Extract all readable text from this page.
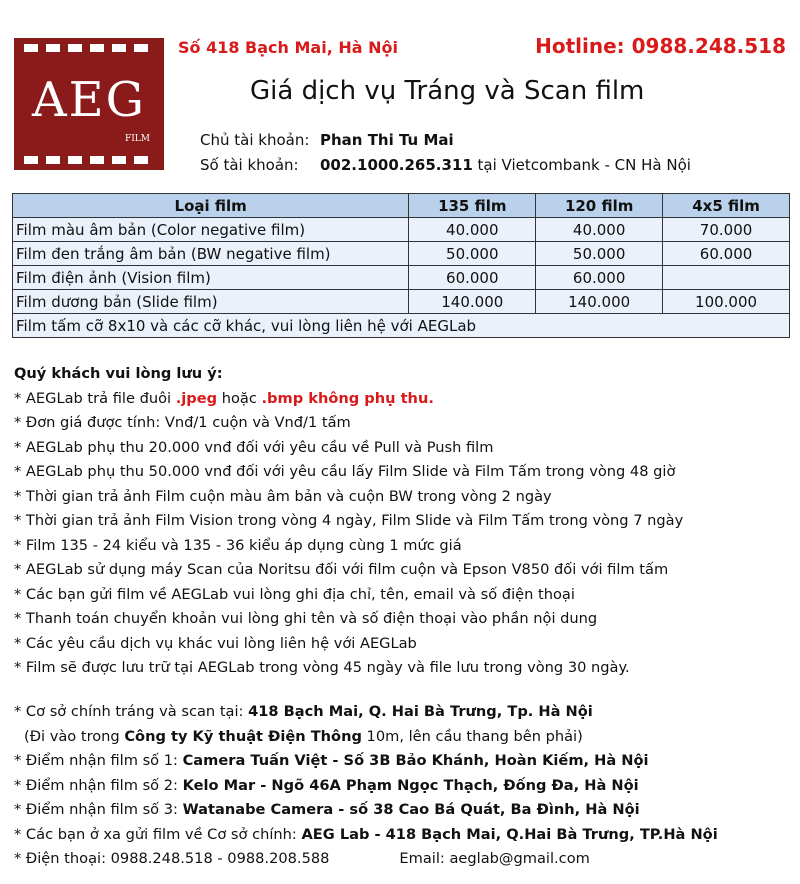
AEG
FILM
Số 418 Bạch Mai, Hà Nội	Hotline: 0988.248.518
Giá dịch vụ Tráng và Scan film
Chủ tài khoản: Phan Thi Tu Mai
Số tài khoản: 002.1000.265.311 tại Vietcombank - CN Hà Nội
Loại film	135 film	120 film	4x5 film
Film màu âm bản (Color negative film)	40.000	40.000	70.000
Film đen trắng âm bản (BW negative film)	50.000	50.000	60.000
Film điện ảnh (Vision film)	60.000	60.000	
Film dương bản (Slide film)	140.000	140.000	100.000
Film tấm cỡ 8x10 và các cỡ khác, vui lòng liên hệ với AEGLab			
Quý khách vui lòng lưu ý:
* AEGLab trả file đuôi .jpeg hoặc .bmp không phụ thu.
* Đơn giá được tính: Vnđ/1 cuộn và Vnđ/1 tấm
* AEGLab phụ thu 20.000 vnđ đối với yêu cầu về Pull và Push film
* AEGLab phụ thu 50.000 vnđ đối với yêu cầu lấy Film Slide và Film Tấm trong vòng 48 giờ
* Thời gian trả ảnh Film cuộn màu âm bản và cuộn BW trong vòng 2 ngày
* Thời gian trả ảnh Film Vision trong vòng 4 ngày, Film Slide và Film Tấm trong vòng 7 ngày
* Film 135 - 24 kiểu và 135 - 36 kiểu áp dụng cùng 1 mức giá
* AEGLab sử dụng máy Scan của Noritsu đối với film cuộn và Epson V850 đối với film tấm
* Các bạn gửi film về AEGLab vui lòng ghi địa chỉ, tên, email và số điện thoại
* Thanh toán chuyển khoản vui lòng ghi tên và số điện thoại vào phần nội dung
* Các yêu cầu dịch vụ khác vui lòng liên hệ với AEGLab
* Film sẽ được lưu trữ tại AEGLab trong vòng 45 ngày và file lưu trong vòng 30 ngày.
* Cơ sở chính tráng và scan tại: 418 Bạch Mai, Q. Hai Bà Trưng, Tp. Hà Nội
(Đi vào trong Công ty Kỹ thuật Điện Thông 10m, lên cầu thang bên phải)
* Điểm nhận film số 1: Camera Tuấn Việt - Số 3B Bảo Khánh, Hoàn Kiếm, Hà Nội
* Điểm nhận film số 2: Kelo Mar - Ngõ 46A Phạm Ngọc Thạch, Đống Đa, Hà Nội
* Điểm nhận film số 3: Watanabe Camera - số 38 Cao Bá Quát, Ba Đình, Hà Nội
* Các bạn ở xa gửi film về Cơ sở chính: AEG Lab - 418 Bạch Mai, Q.Hai Bà Trưng, TP.Hà Nội
* Điện thoại: 0988.248.518 - 0988.208.588	Email: aeglab@gmail.com
